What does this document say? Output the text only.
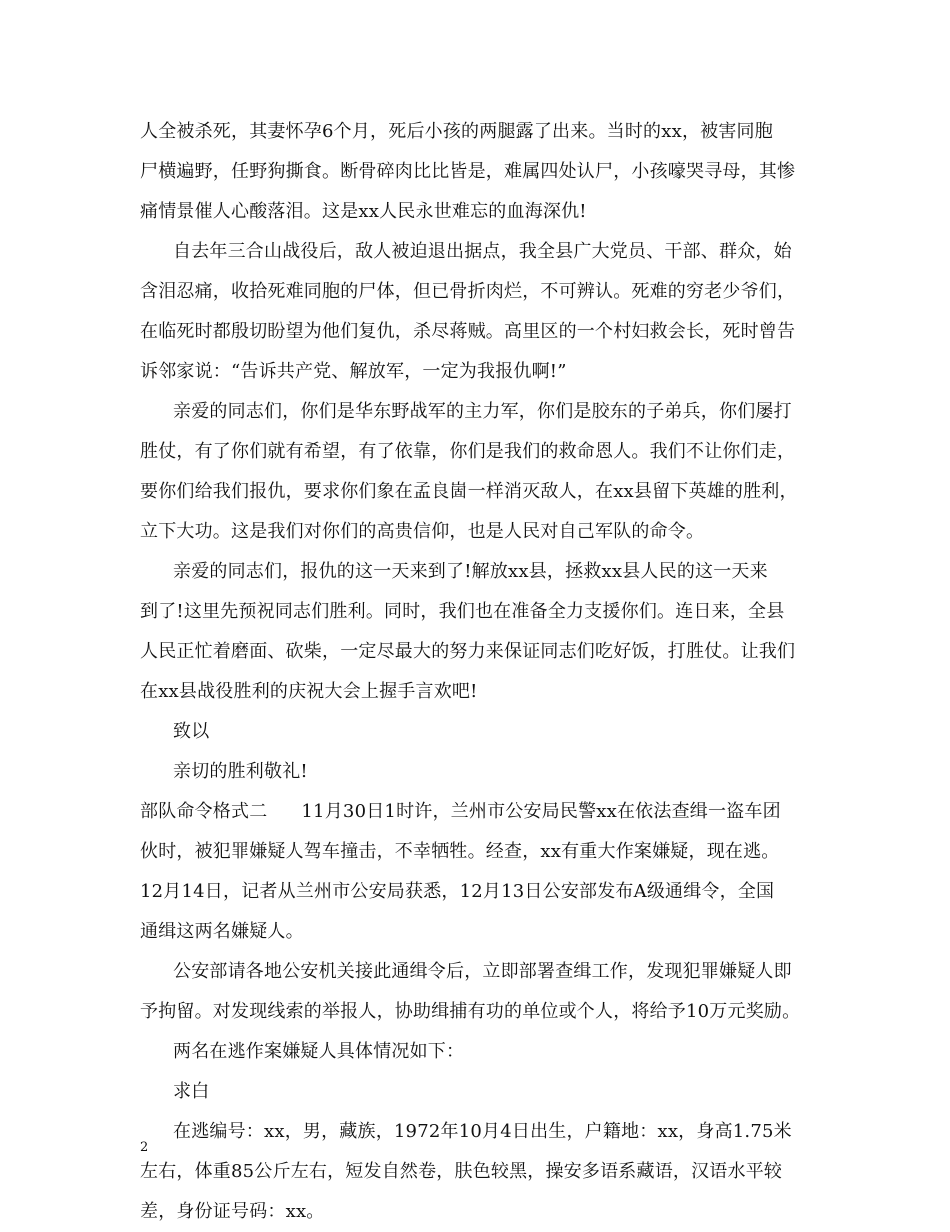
人全被杀死，其妻怀孕6个月，死后小孩的两腿露了出来。当时的xx，被害同胞
尸横遍野，任野狗撕食。断骨碎肉比比皆是，难属四处认尸，小孩嚎哭寻母，其惨
痛情景催人心酸落泪。这是xx人民永世难忘的血海深仇!
自去年三合山战役后，敌人被迫退出据点，我全县广大党员、干部、群众，始
含泪忍痛，收拾死难同胞的尸体，但已骨折肉烂，不可辨认。死难的穷老少爷们，
在临死时都殷切盼望为他们复仇，杀尽蒋贼。高里区的一个村妇救会长，死时曾告
诉邻家说：“告诉共产党、解放军，一定为我报仇啊!”
亲爱的同志们，你们是华东野战军的主力军，你们是胶东的子弟兵，你们屡打
胜仗，有了你们就有希望，有了依靠，你们是我们的救命恩人。我们不让你们走，
要你们给我们报仇，要求你们象在孟良崮一样消灭敌人，在xx县留下英雄的胜利，
立下大功。这是我们对你们的高贵信仰，也是人民对自己军队的命令。
亲爱的同志们，报仇的这一天来到了!解放xx县，拯救xx县人民的这一天来
到了!这里先预祝同志们胜利。同时，我们也在准备全力支援你们。连日来，全县
人民正忙着磨面、砍柴，一定尽最大的努力来保证同志们吃好饭，打胜仗。让我们
在xx县战役胜利的庆祝大会上握手言欢吧!
致以
亲切的胜利敬礼!
部队命令格式二 11月30日1时许，兰州市公安局民警xx在依法查缉一盗车团
伙时，被犯罪嫌疑人驾车撞击，不幸牺牲。经查，xx有重大作案嫌疑，现在逃。
12月14日，记者从兰州市公安局获悉，12月13日公安部发布A级通缉令，全国
通缉这两名嫌疑人。
公安部请各地公安机关接此通缉令后，立即部署查缉工作，发现犯罪嫌疑人即
予拘留。对发现线索的举报人，协助缉捕有功的单位或个人，将给予10万元奖励。
两名在逃作案嫌疑人具体情况如下：
求白
在逃编号：xx，男，藏族，1972年10月4日出生，户籍地：xx，身高1.75米
左右，体重85公斤左右，短发自然卷，肤色较黑，操安多语系藏语，汉语水平较
差，身份证号码：xx。
2
